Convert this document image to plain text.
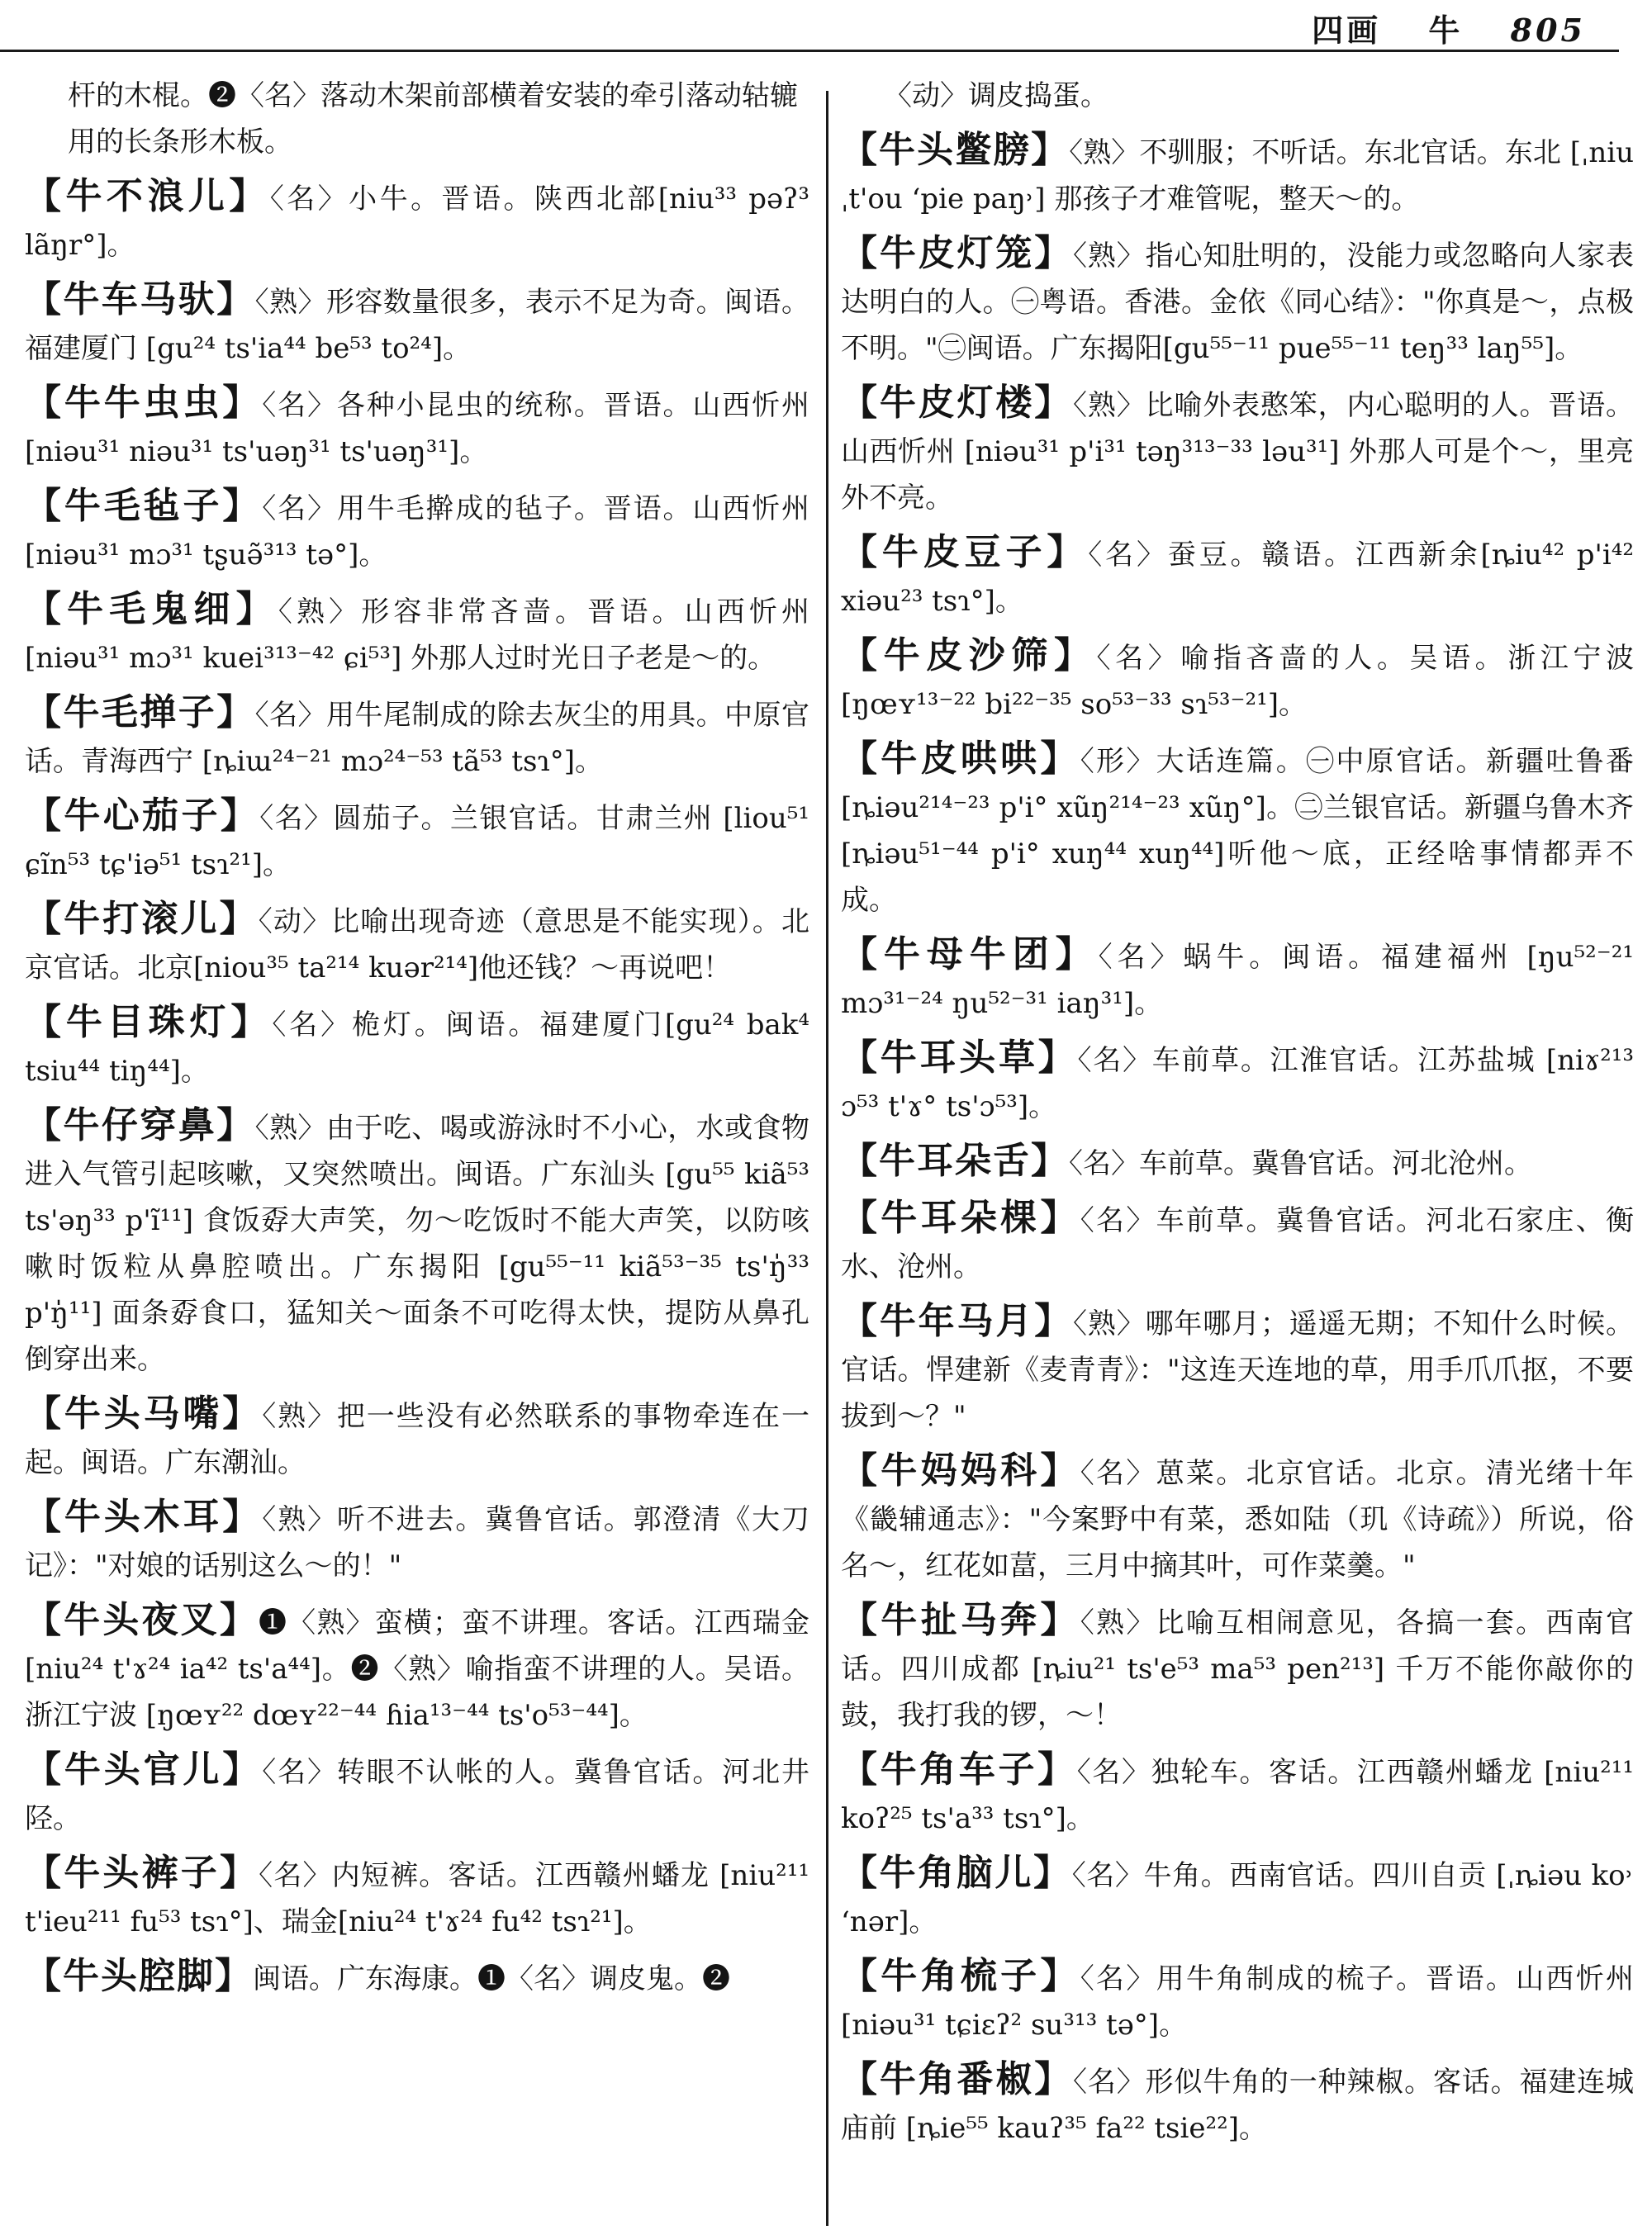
四画 牛 805
杆的木棍。❷〈名〉落动木架前部横着安装的牵引落动轱辘用的长条形木板。
【牛不浪儿】〈名〉小牛。晋语。陕西北部[niu³³ pəʔ³ lãŋr°]。
【牛车马驮】〈熟〉形容数量很多，表示不足为奇。闽语。福建厦门 [gu²⁴ ts'ia⁴⁴ be⁵³ to²⁴]。
【牛牛虫虫】〈名〉各种小昆虫的统称。晋语。山西忻州 [niəu³¹ niəu³¹ ts'uəŋ³¹ ts'uəŋ³¹]。
【牛毛毡子】〈名〉用牛毛擀成的毡子。晋语。山西忻州 [niəu³¹ mɔ³¹ tʂuə̃³¹³ tə°]。
【牛毛鬼细】〈熟〉形容非常吝啬。晋语。山西忻州 [niəu³¹ mɔ³¹ kuei³¹³⁻⁴² ɕi⁵³] 外那人过时光日子老是～的。
【牛毛掸子】〈名〉用牛尾制成的除去灰尘的用具。中原官话。青海西宁 [ȵiɯ²⁴⁻²¹ mɔ²⁴⁻⁵³ tã⁵³ tsɿ°]。
【牛心茄子】〈名〉圆茄子。兰银官话。甘肃兰州 [liou⁵¹ ɕĩn⁵³ tɕ'iə⁵¹ tsɿ²¹]。
【牛打滚儿】〈动〉比喻出现奇迹（意思是不能实现）。北京官话。北京[niou³⁵ ta²¹⁴ kuər²¹⁴]他还钱？～再说吧！
【牛目珠灯】〈名〉桅灯。闽语。福建厦门[gu²⁴ bak⁴ tsiu⁴⁴ tiŋ⁴⁴]。
【牛仔穿鼻】〈熟〉由于吃、喝或游泳时不小心，水或食物进入气管引起咳嗽，又突然喷出。闽语。广东汕头 [gu⁵⁵ kiã⁵³ ts'əŋ³³ p'ĩ¹¹] 食饭孬大声笑，勿～吃饭时不能大声笑，以防咳嗽时饭粒从鼻腔喷出。广东揭阳 [gu⁵⁵⁻¹¹ kiã⁵³⁻³⁵ ts'ŋ̍³³ p'ŋ̍¹¹] 面条孬食口，猛知关～面条不可吃得太快，提防从鼻孔倒穿出来。
【牛头马嘴】〈熟〉把一些没有必然联系的事物牵连在一起。闽语。广东潮汕。
【牛头木耳】〈熟〉听不进去。冀鲁官话。郭澄清《大刀记》："对娘的话别这么～的！"
【牛头夜叉】❶〈熟〉蛮横；蛮不讲理。客话。江西瑞金[niu²⁴ t'ɤ²⁴ ia⁴² ts'a⁴⁴]。❷〈熟〉喻指蛮不讲理的人。吴语。浙江宁波 [ŋœʏ²² dœʏ²²⁻⁴⁴ ɦia¹³⁻⁴⁴ ts'o⁵³⁻⁴⁴]。
【牛头官儿】〈名〉转眼不认帐的人。冀鲁官话。河北井陉。
【牛头裤子】〈名〉内短裤。客话。江西赣州蟠龙 [niu²¹¹ t'ieu²¹¹ fu⁵³ tsɿ°]、瑞金[niu²⁴ t'ɤ²⁴ fu⁴² tsɿ²¹]。
【牛头腔脚】闽语。广东海康。❶〈名〉调皮鬼。❷
〈动〉调皮捣蛋。
【牛头鳖膀】〈熟〉不驯服；不听话。东北官话。东北 [ˌniu ˌt'ou ʻpie paŋ˒] 那孩子才难管呢，整天～的。
【牛皮灯笼】〈熟〉指心知肚明的，没能力或忽略向人家表达明白的人。㊀粤语。香港。金依《同心结》："你真是～，点极不明。"㊁闽语。广东揭阳[gu⁵⁵⁻¹¹ pue⁵⁵⁻¹¹ teŋ³³ laŋ⁵⁵]。
【牛皮灯楼】〈熟〉比喻外表憨笨，内心聪明的人。晋语。山西忻州 [niəu³¹ p'i³¹ təŋ³¹³⁻³³ ləu³¹] 外那人可是个～，里亮外不亮。
【牛皮豆子】〈名〉蚕豆。赣语。江西新余[ȵiu⁴² p'i⁴² xiəu²³ tsɿ°]。
【牛皮沙筛】〈名〉喻指吝啬的人。吴语。浙江宁波 [ŋœʏ¹³⁻²² bi²²⁻³⁵ so⁵³⁻³³ sɿ⁵³⁻²¹]。
【牛皮哄哄】〈形〉大话连篇。㊀中原官话。新疆吐鲁番[ȵiəu²¹⁴⁻²³ p'i° xũŋ²¹⁴⁻²³ xũŋ°]。㊁兰银官话。新疆乌鲁木齐 [ȵiəu⁵¹⁻⁴⁴ p'i° xuŋ⁴⁴ xuŋ⁴⁴]听他～底，正经啥事情都弄不成。
【牛母牛团】〈名〉蜗牛。闽语。福建福州 [ŋu⁵²⁻²¹ mɔ³¹⁻²⁴ ŋu⁵²⁻³¹ iaŋ³¹]。
【牛耳头草】〈名〉车前草。江淮官话。江苏盐城 [niɤ²¹³ ɔ⁵³ t'ɤ° ts'ɔ⁵³]。
【牛耳朵舌】〈名〉车前草。冀鲁官话。河北沧州。
【牛耳朵棵】〈名〉车前草。冀鲁官话。河北石家庄、衡水、沧州。
【牛年马月】〈熟〉哪年哪月；遥遥无期；不知什么时候。官话。悍建新《麦青青》："这连天连地的草，用手爪爪抠，不要拔到～？"
【牛妈妈科】〈名〉葸菜。北京官话。北京。清光绪十年《畿辅通志》："今案野中有菜，悉如陆（玑《诗疏》）所说，俗名～，红花如葍，三月中摘其叶，可作菜羹。"
【牛扯马奔】〈熟〉比喻互相闹意见，各搞一套。西南官话。四川成都 [ȵiu²¹ ts'e⁵³ ma⁵³ pen²¹³] 千万不能你敲你的鼓，我打我的锣，～！
【牛角车子】〈名〉独轮车。客话。江西赣州蟠龙 [niu²¹¹ koʔ²⁵ ts'a³³ tsɿ°]。
【牛角脑儿】〈名〉牛角。西南官话。四川自贡 [ˌȵiəu ko˒ ʻnər]。
【牛角梳子】〈名〉用牛角制成的梳子。晋语。山西忻州 [niəu³¹ tɕiɛʔ² su³¹³ tə°]。
【牛角番椒】〈名〉形似牛角的一种辣椒。客话。福建连城庙前 [ȵie⁵⁵ kauʔ³⁵ fa²² tsie²²]。
